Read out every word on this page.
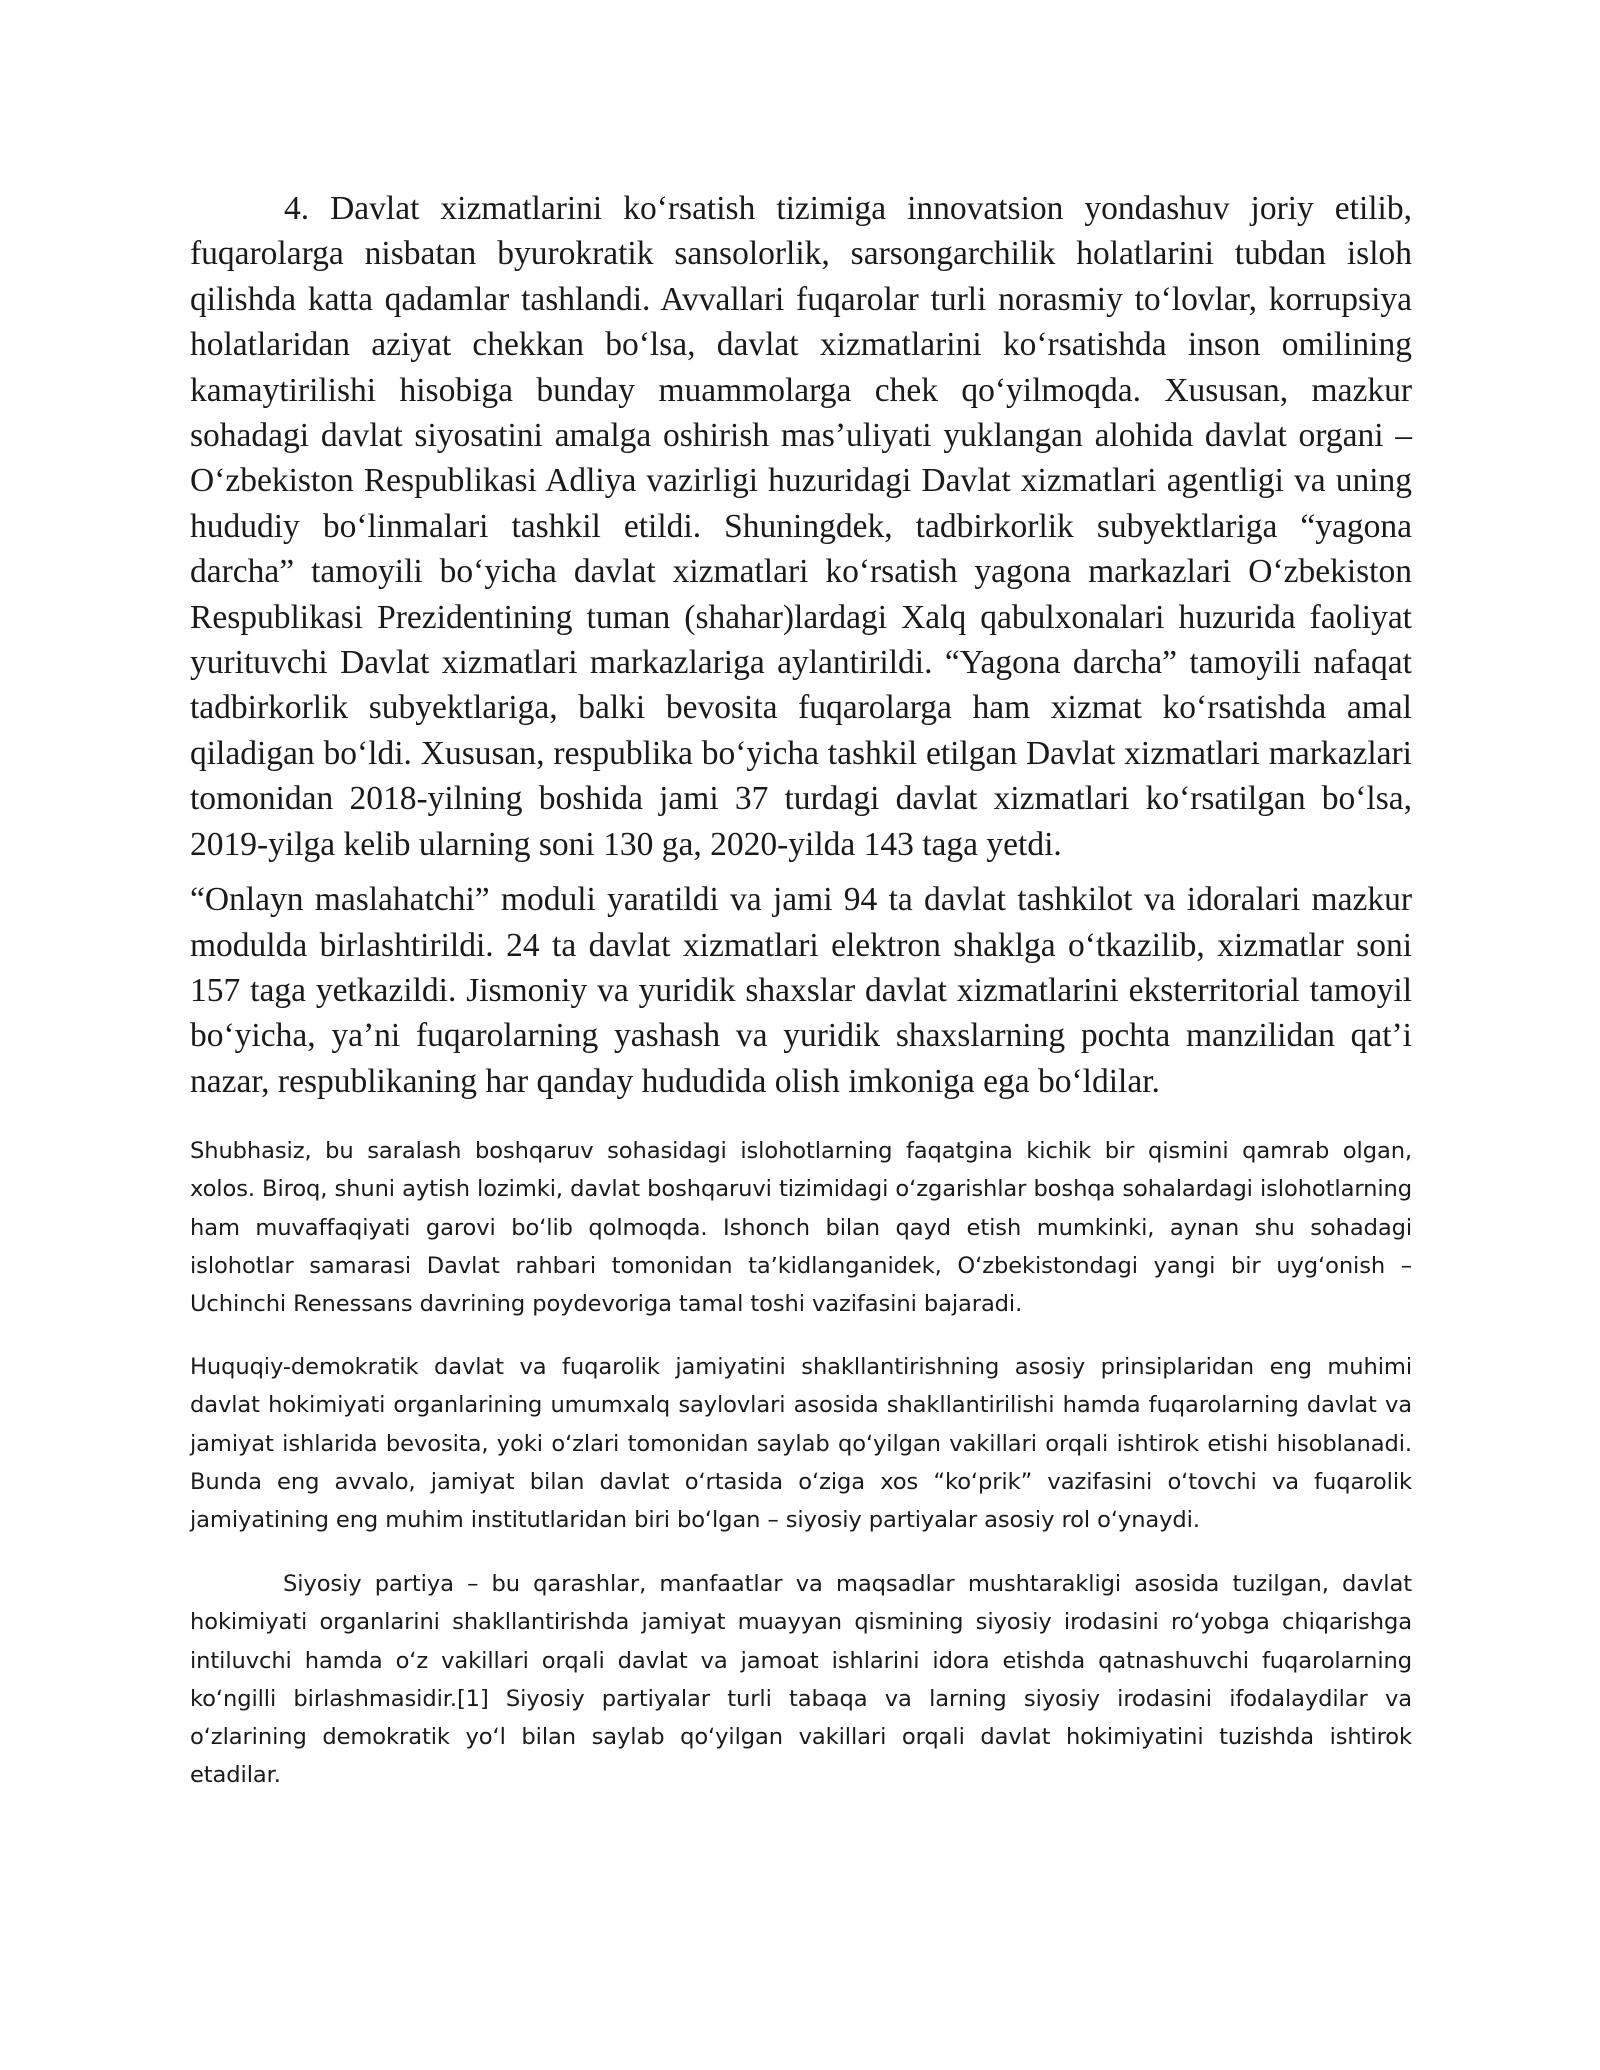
4. Davlat xizmatlarini koʻrsatish tizimiga innovatsion yondashuv joriy etilib, fuqarolarga nisbatan byurokratik sansolorlik, sarsongarchilik holatlarini tubdan isloh qilishda katta qadamlar tashlandi. Avvallari fuqarolar turli norasmiy toʻlovlar, korrupsiya holatlaridan aziyat chekkan boʻlsa, davlat xizmatlarini koʻrsatishda inson omilining kamaytirilishi hisobiga bunday muammolarga chek qoʻyilmoqda. Xususan, mazkur sohadagi davlat siyosatini amalga oshirish masʼuliyati yuklangan alohida davlat organi – Oʻzbekiston Respublikasi Adliya vazirligi huzuridagi Davlat xizmatlari agentligi va uning hududiy boʻlinmalari tashkil etildi. Shuningdek, tadbirkorlik subyektlariga “yagona darcha” tamoyili boʻyicha davlat xizmatlari koʻrsatish yagona markazlari Oʻzbekiston Respublikasi Prezidentining tuman (shahar)lardagi Xalq qabulxonalari huzurida faoliyat yurituvchi Davlat xizmatlari markazlariga aylantirildi. “Yagona darcha” tamoyili nafaqat tadbirkorlik subyektlariga, balki bevosita fuqarolarga ham xizmat koʻrsatishda amal qiladigan boʻldi. Xususan, respublika boʻyicha tashkil etilgan Davlat xizmatlari markazlari tomonidan 2018-yilning boshida jami 37 turdagi davlat xizmatlari koʻrsatilgan boʻlsa, 2019-yilga kelib ularning soni 130 ga, 2020-yilda 143 taga yetdi.

“Onlayn maslahatchi” moduli yaratildi va jami 94 ta davlat tashkilot va idoralari mazkur modulda birlashtirildi. 24 ta davlat xizmatlari elektron shaklga oʻtkazilib, xizmatlar soni 157 taga yetkazildi. Jismoniy va yuridik shaxslar davlat xizmatlarini eksterritorial tamoyil boʻyicha, yaʼni fuqarolarning yashash va yuridik shaxslarning pochta manzilidan qatʼi nazar, respublikaning har qanday hududida olish imkoniga ega boʻldilar.

Shubhasiz, bu saralash boshqaruv sohasidagi islohotlarning faqatgina kichik bir qismini qamrab olgan, xolos. Biroq, shuni aytish lozimki, davlat boshqaruvi tizimidagi oʻzgarishlar boshqa sohalardagi islohotlarning ham muvaffaqiyati garovi boʻlib qolmoqda. Ishonch bilan qayd etish mumkinki, aynan shu sohadagi islohotlar samarasi Davlat rahbari tomonidan taʼkidlanganidek, Oʻzbekistondagi yangi bir uygʻonish – Uchinchi Renessans davrining poydevoriga tamal toshi vazifasini bajaradi.

Huquqiy-demokratik davlat va fuqarolik jamiyatini shakllantirishning asosiy prinsiplaridan eng muhimi davlat hokimiyati organlarining umumxalq saylovlari asosida shakllantirilishi hamda fuqarolarning davlat va jamiyat ishlarida bevosita, yoki oʻzlari tomonidan saylab qoʻyilgan vakillari orqali ishtirok etishi hisoblanadi. Bunda eng avvalo, jamiyat bilan davlat oʻrtasida oʻziga xos “koʻprik” vazifasini oʻtovchi va fuqarolik jamiyatining eng muhim institutlaridan biri boʻlgan – siyosiy partiyalar asosiy rol oʻynaydi.

Siyosiy partiya – bu qarashlar, manfaatlar va maqsadlar mushtarakligi asosida tuzilgan, davlat hokimiyati organlarini shakllantirishda jamiyat muayyan qismining siyosiy irodasini roʻyobga chiqarishga intiluvchi hamda oʻz vakillari orqali davlat va jamoat ishlarini idora etishda qatnashuvchi fuqarolarning koʻngilli birlashmasidir.[1] Siyosiy partiyalar turli tabaqa va larning siyosiy irodasini ifodalaydilar va oʻzlarining demokratik yoʻl bilan saylab qoʻyilgan vakillari orqali davlat hokimiyatini tuzishda ishtirok etadilar.
